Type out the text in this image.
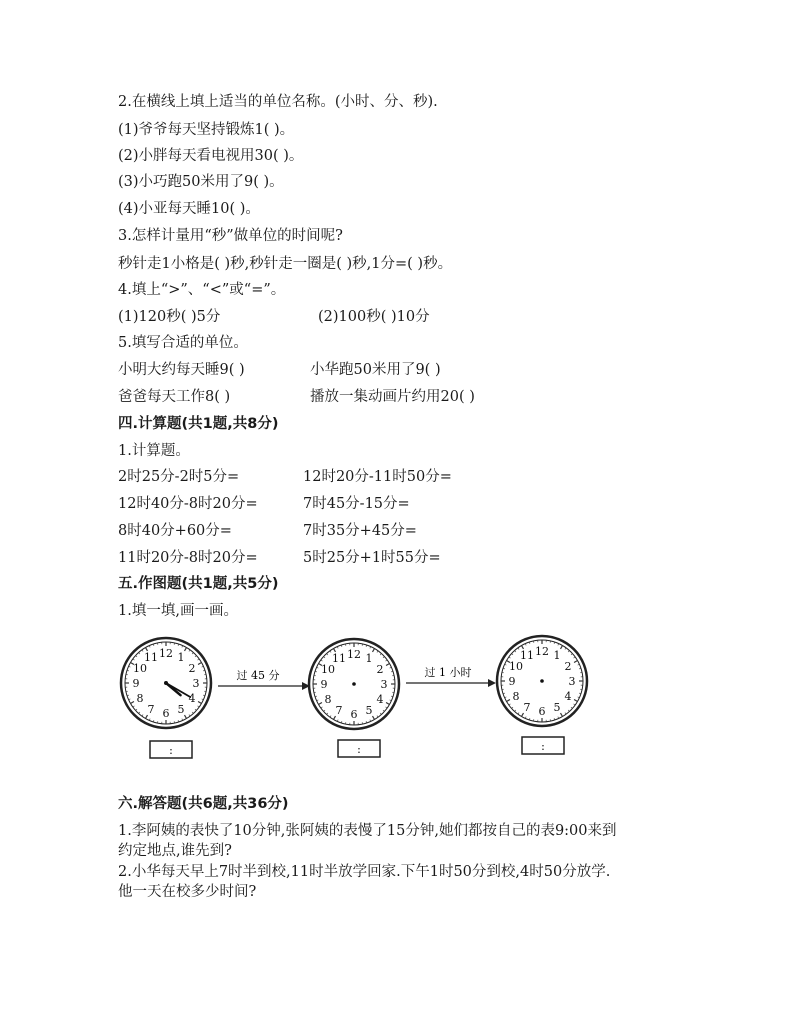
2.在横线上填上适当的单位名称。(小时、分、秒).
(1)爷爷每天坚持锻炼1( )。
(2)小胖每天看电视用30( )。
(3)小巧跑50米用了9( )。
(4)小亚每天睡10( )。
3.怎样计量用“秒”做单位的时间呢?
秒针走1小格是( )秒,秒针走一圈是( )秒,1分=( )秒。
4.填上“>”、“<”或“=”。
(1)120秒( )5分	(2)100秒( )10分
5.填写合适的单位。
小明大约每天睡9( )	小华跑50米用了9( )
爸爸每天工作8( )	播放一集动画片约用20( )
四.计算题(共1题,共8分)
1.计算题。
2时25分-2时5分=	12时20分-11时50分=
12时40分-8时20分=	7时45分-15分=
8时40分+60分=	7时35分+45分=
11时20分-8时20分=	5时25分+1时55分=
五.作图题(共1题,共5分)
1.填一填,画一画。
12 1
2
3
4
5
6
7
8
9
10
11
:
过 45 分
12 1
2
3
4
5
6
7
8
9
10
11
:
过 1 小时
12 1
2
3
4
5
6
7
8
9
10
11
:
六.解答题(共6题,共36分)
1.李阿姨的表快了10分钟,张阿姨的表慢了15分钟,她们都按自己的表9:00来到
约定地点,谁先到?
2.小华每天早上7时半到校,11时半放学回家.下午1时50分到校,4时50分放学.
他一天在校多少时间?
